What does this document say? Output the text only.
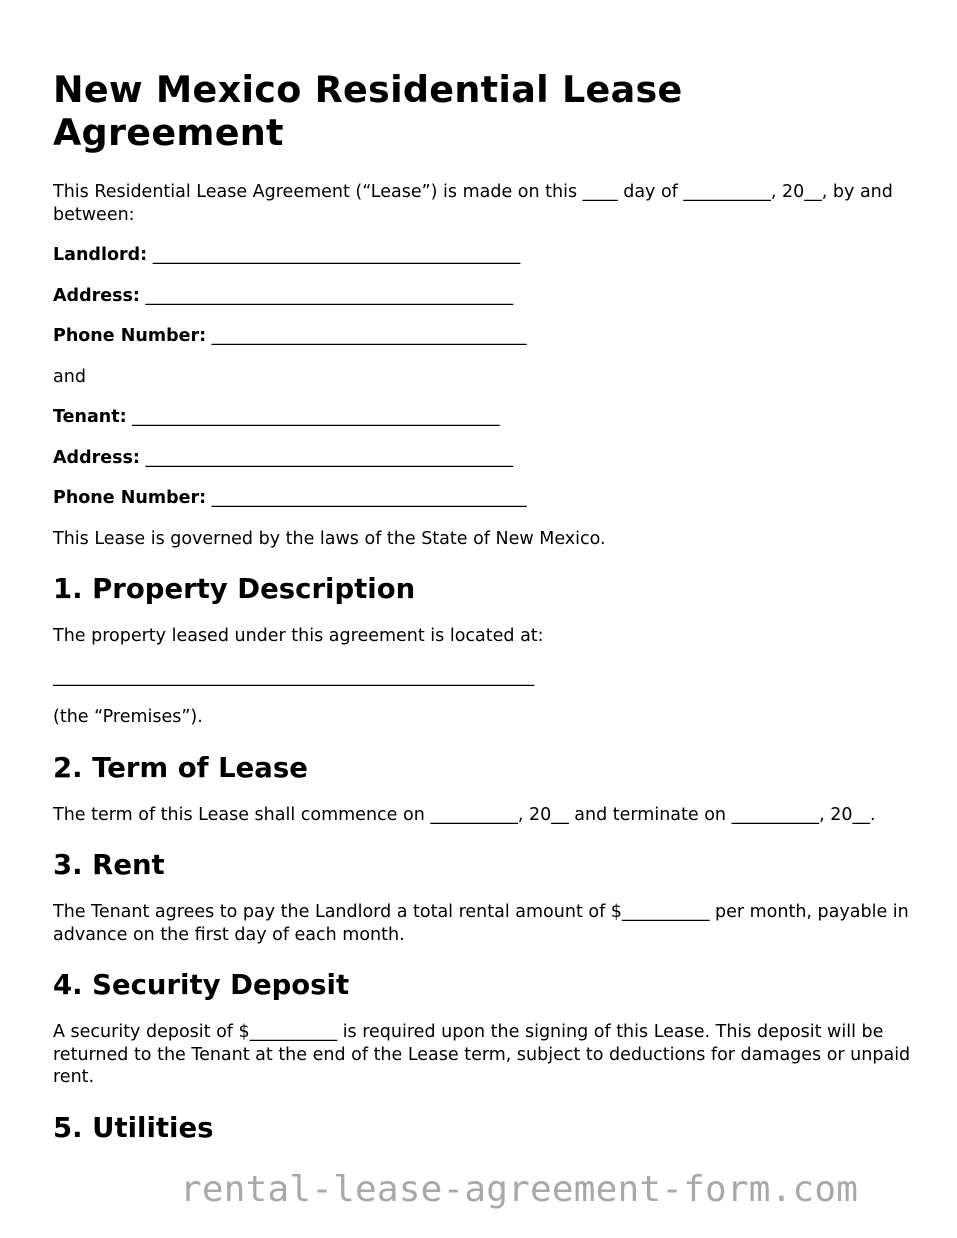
New Mexico Residential Lease Agreement

This Residential Lease Agreement (“Lease”) is made on this ____ day of __________, 20__, by and between:

Landlord: __________________________________________

Address: __________________________________________

Phone Number: ____________________________________

and

Tenant: __________________________________________

Address: __________________________________________

Phone Number: ____________________________________

This Lease is governed by the laws of the State of New Mexico.

1. Property Description

The property leased under this agreement is located at:

_______________________________________________________

(the “Premises”).

2. Term of Lease

The term of this Lease shall commence on __________, 20__ and terminate on __________, 20__.

3. Rent

The Tenant agrees to pay the Landlord a total rental amount of $__________ per month, payable in advance on the first day of each month.

4. Security Deposit

A security deposit of $__________ is required upon the signing of this Lease. This deposit will be returned to the Tenant at the end of the Lease term, subject to deductions for damages or unpaid rent.

5. Utilities
rental-lease-agreement-form.com
